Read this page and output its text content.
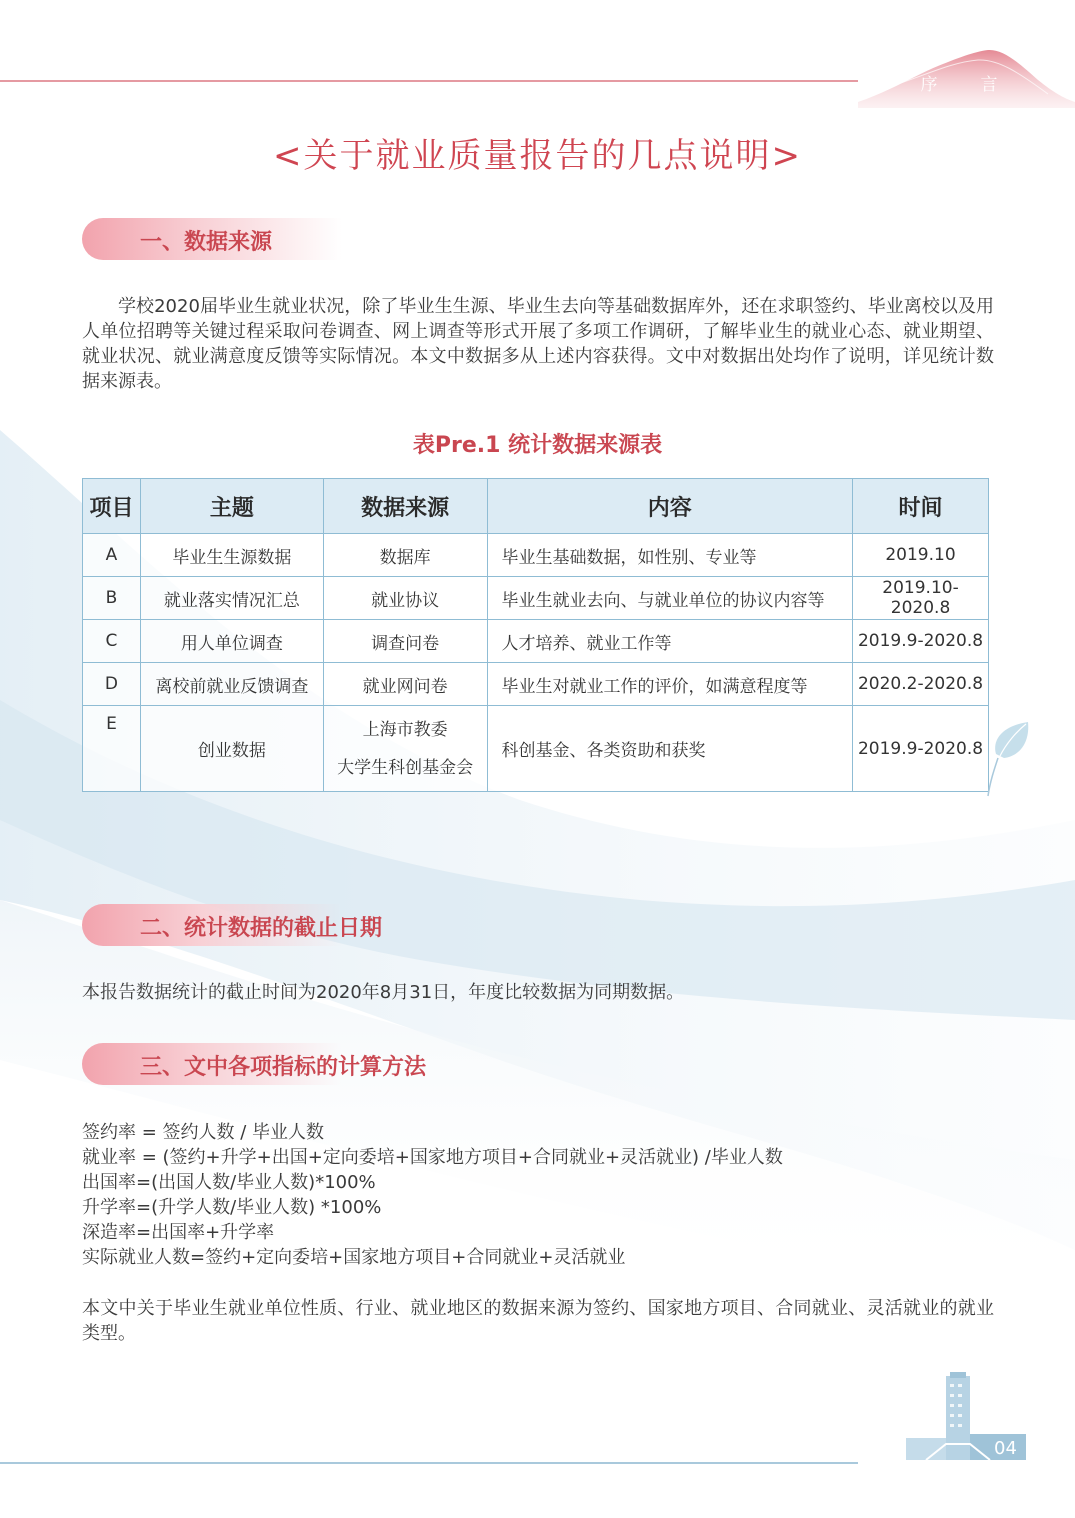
序	言
<关于就业质量报告的几点说明>
一、数据来源
学校2020届毕业生就业状况，除了毕业生生源、毕业生去向等基础数据库外，还在求职签约、毕业离校以及用人单位招聘等关键过程采取问卷调查、网上调查等形式开展了多项工作调研，了解毕业生的就业心态、就业期望、就业状况、就业满意度反馈等实际情况。本文中数据多从上述内容获得。文中对数据出处均作了说明，详见统计数据来源表。
表Pre.1 统计数据来源表
项目	主题	数据来源	内容	时间
A	毕业生生源数据	数据库	毕业生基础数据，如性别、专业等	2019.10
B	就业落实情况汇总	就业协议	毕业生就业去向、与就业单位的协议内容等	2019.10-2020.8
C	用人单位调查	调查问卷	人才培养、就业工作等	2019.9-2020.8
D	离校前就业反馈调查	就业网问卷	毕业生对就业工作的评价，如满意程度等	2020.2-2020.8
E	创业数据	上海市教委
大学生科创基金会	科创基金、各类资助和获奖	2019.9-2020.8
二、统计数据的截止日期
本报告数据统计的截止时间为2020年8月31日，年度比较数据为同期数据。
三、文中各项指标的计算方法
签约率 = 签约人数 / 毕业人数
就业率 = (签约+升学+出国+定向委培+国家地方项目+合同就业+灵活就业) /毕业人数
出国率=(出国人数/毕业人数)*100%
升学率=(升学人数/毕业人数) *100%
深造率=出国率+升学率
实际就业人数=签约+定向委培+国家地方项目+合同就业+灵活就业
本文中关于毕业生就业单位性质、行业、就业地区的数据来源为签约、国家地方项目、合同就业、灵活就业的就业类型。
04
